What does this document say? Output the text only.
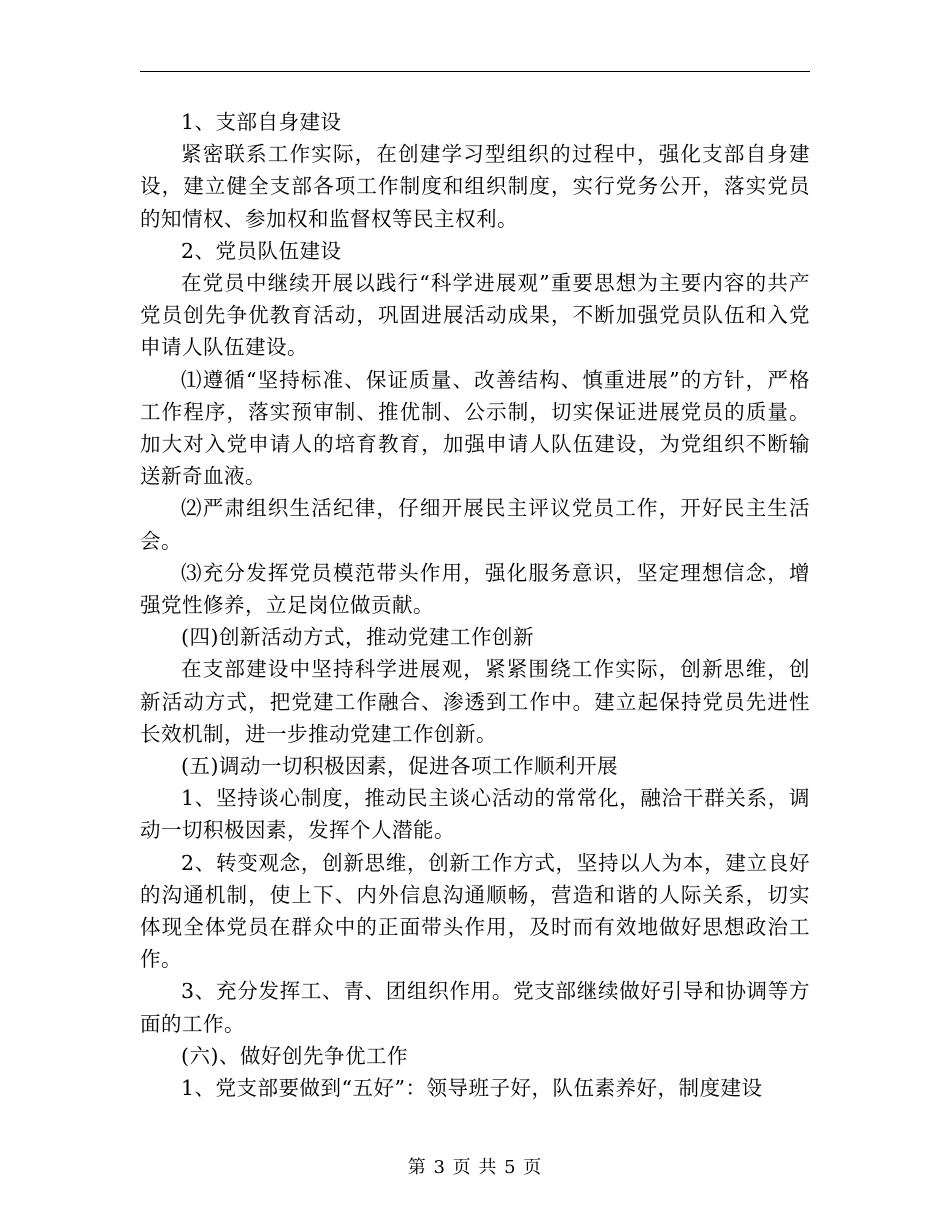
1、支部自身建设

紧密联系工作实际，在创建学习型组织的过程中，强化支部自身建设，建立健全支部各项工作制度和组织制度，实行党务公开，落实党员的知情权、参加权和监督权等民主权利。

2、党员队伍建设

在党员中继续开展以践行“科学进展观”重要思想为主要内容的共产党员创先争优教育活动，巩固进展活动成果，不断加强党员队伍和入党申请人队伍建设。

⑴遵循“坚持标准、保证质量、改善结构、慎重进展”的方针，严格工作程序，落实预审制、推优制、公示制，切实保证进展党员的质量。加大对入党申请人的培育教育，加强申请人队伍建设，为党组织不断输送新奇血液。

⑵严肃组织生活纪律，仔细开展民主评议党员工作，开好民主生活会。

⑶充分发挥党员模范带头作用，强化服务意识，坚定理想信念，增强党性修养，立足岗位做贡献。

(四)创新活动方式，推动党建工作创新

在支部建设中坚持科学进展观，紧紧围绕工作实际，创新思维，创新活动方式，把党建工作融合、渗透到工作中。建立起保持党员先进性长效机制，进一步推动党建工作创新。

(五)调动一切积极因素，促进各项工作顺利开展

1、坚持谈心制度，推动民主谈心活动的常常化，融洽干群关系，调动一切积极因素，发挥个人潜能。

2、转变观念，创新思维，创新工作方式，坚持以人为本，建立良好的沟通机制，使上下、内外信息沟通顺畅，营造和谐的人际关系，切实体现全体党员在群众中的正面带头作用，及时而有效地做好思想政治工作。

3、充分发挥工、青、团组织作用。党支部继续做好引导和协调等方面的工作。

(六)、做好创先争优工作

1、党支部要做到“五好”：领导班子好，队伍素养好，制度建设

第 3 页 共 5 页
